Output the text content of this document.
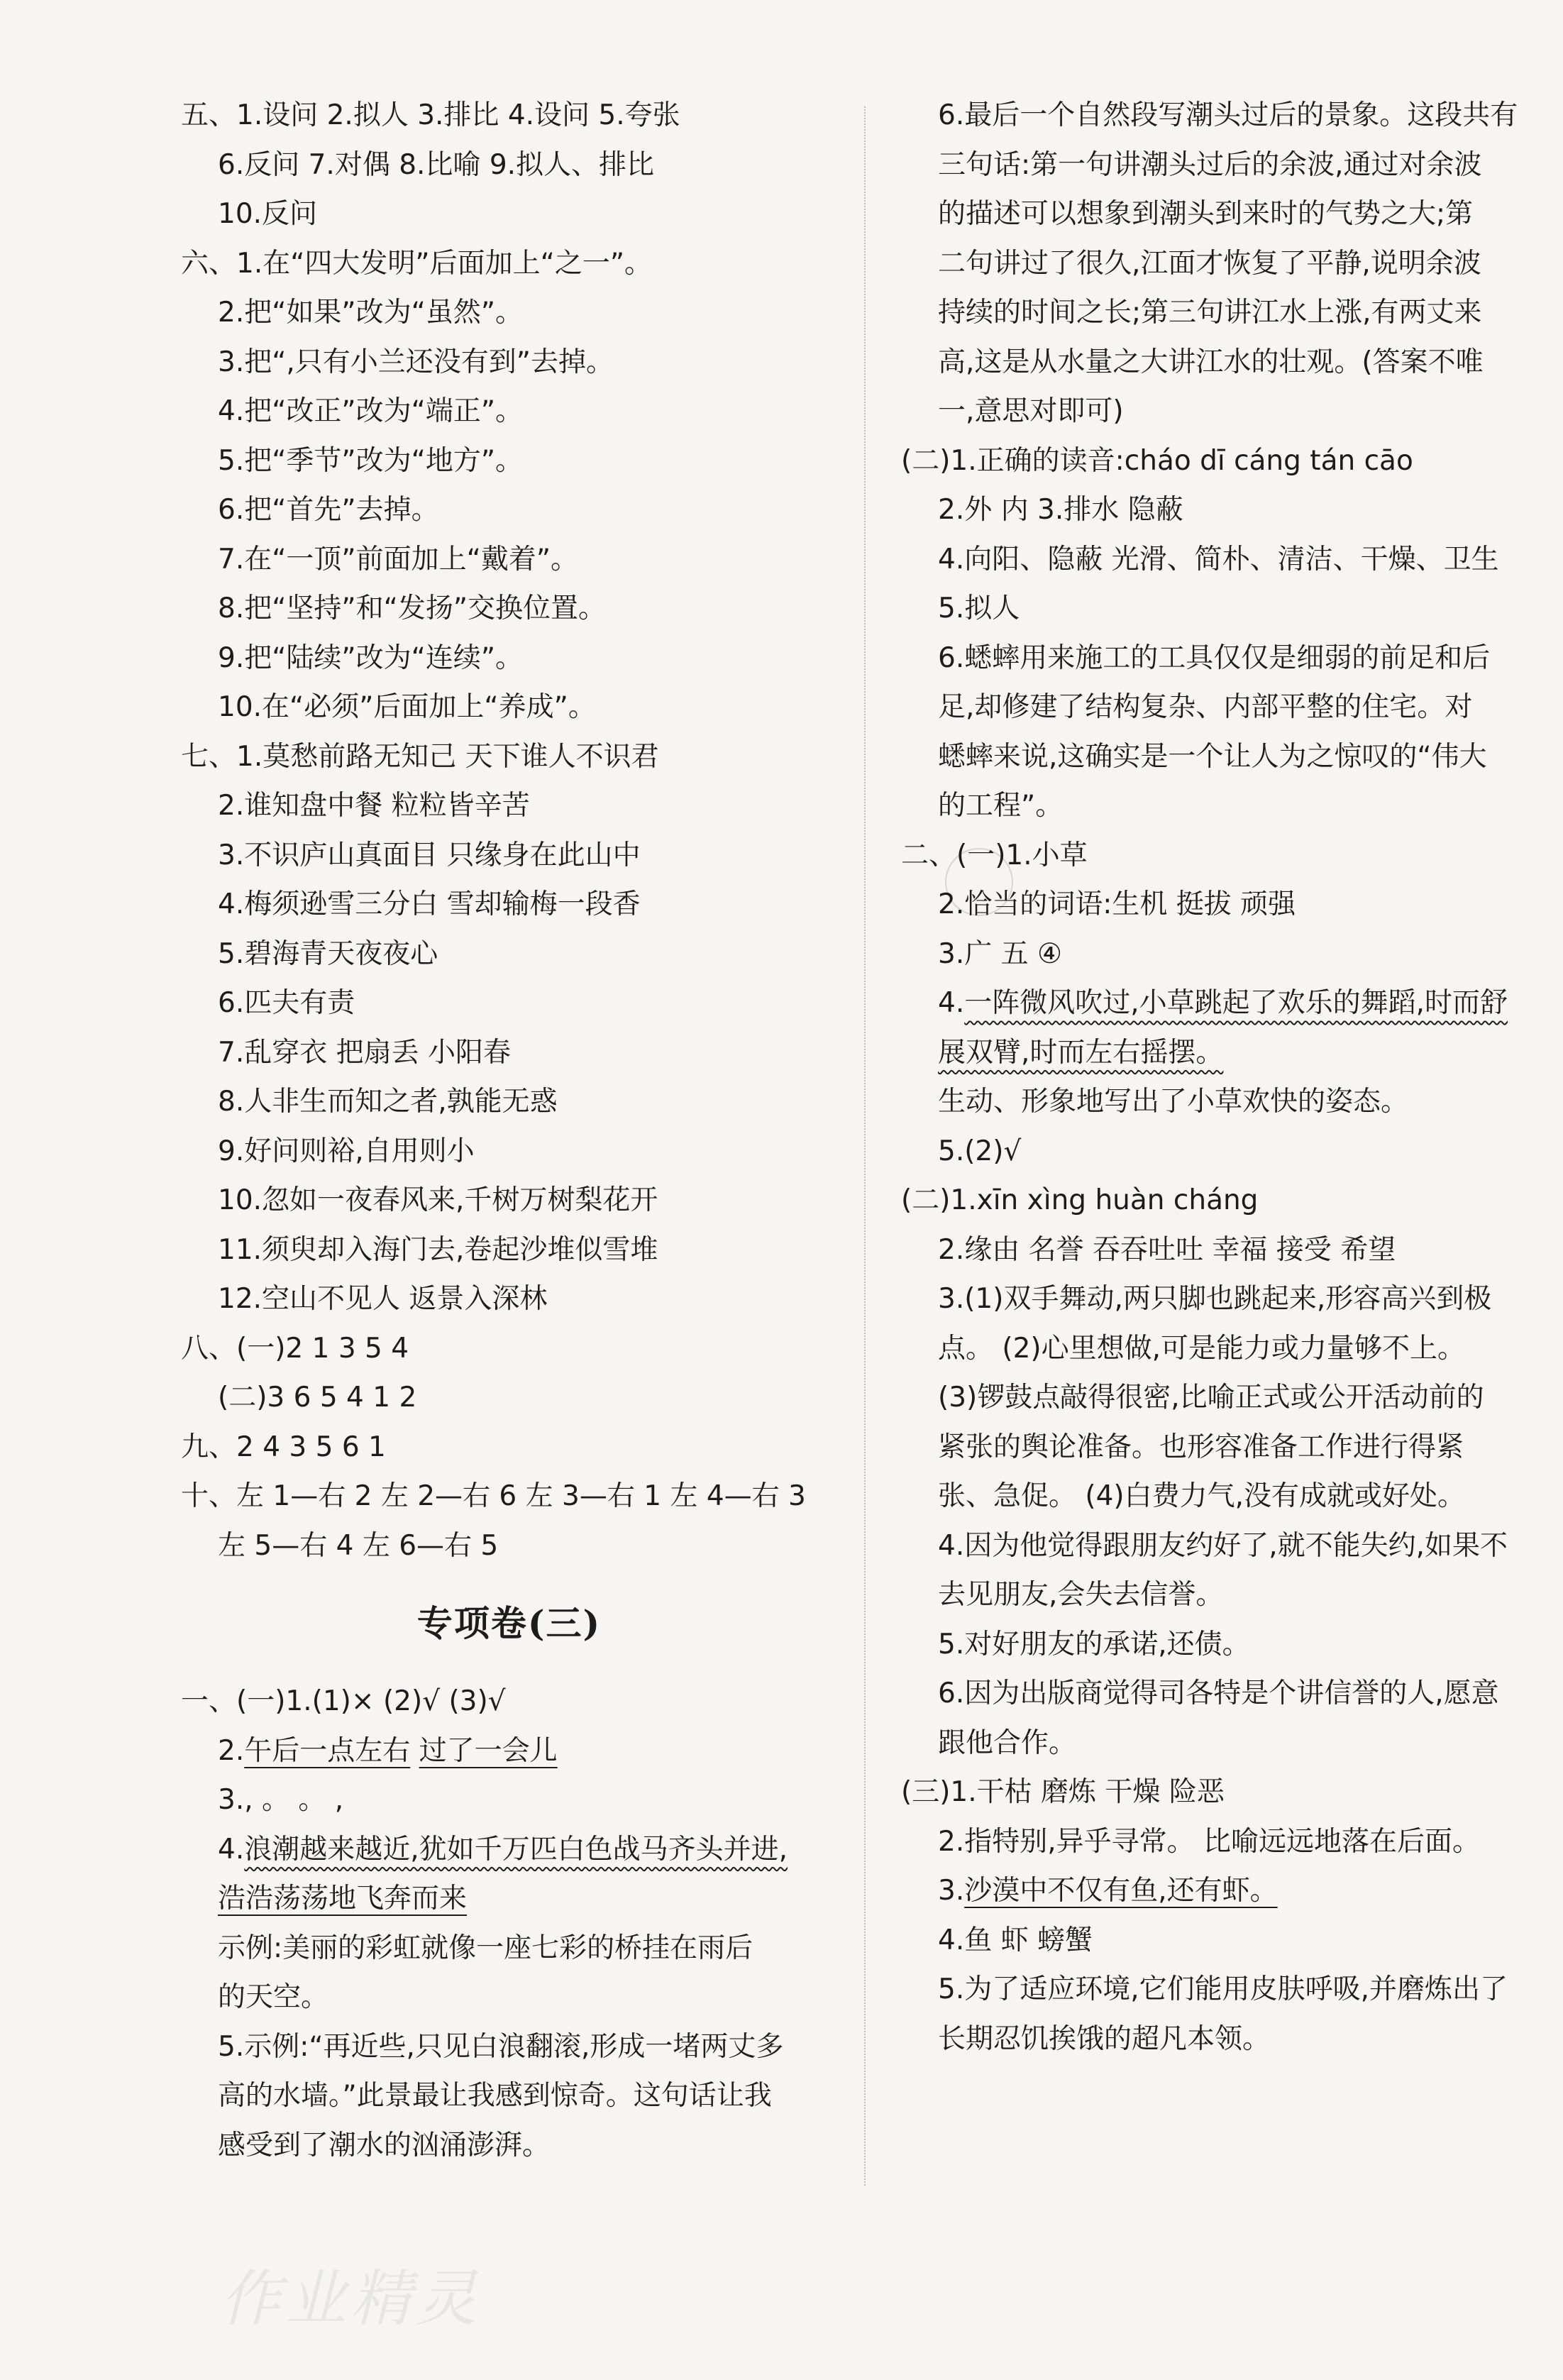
五、1.设问 2.拟人 3.排比 4.设问 5.夸张
6.反问 7.对偶 8.比喻 9.拟人、排比
10.反问
六、1.在“四大发明”后面加上“之一”。
2.把“如果”改为“虽然”。
3.把“,只有小兰还没有到”去掉。
4.把“改正”改为“端正”。
5.把“季节”改为“地方”。
6.把“首先”去掉。
7.在“一顶”前面加上“戴着”。
8.把“坚持”和“发扬”交换位置。
9.把“陆续”改为“连续”。
10.在“必须”后面加上“养成”。
七、1.莫愁前路无知己 天下谁人不识君
2.谁知盘中餐 粒粒皆辛苦
3.不识庐山真面目 只缘身在此山中
4.梅须逊雪三分白 雪却输梅一段香
5.碧海青天夜夜心
6.匹夫有责
7.乱穿衣 把扇丢 小阳春
8.人非生而知之者,孰能无惑
9.好问则裕,自用则小
10.忽如一夜春风来,千树万树梨花开
11.须臾却入海门去,卷起沙堆似雪堆
12.空山不见人 返景入深林
八、(一)2 1 3 5 4
(二)3 6 5 4 1 2
九、2 4 3 5 6 1
十、左 1—右 2 左 2—右 6 左 3—右 1 左 4—右 3
左 5—右 4 左 6—右 5
专项卷(三)
一、(一)1.(1)× (2)√ (3)√
2.午后一点左右 过了一会儿
3., 。 。 ,
4.浪潮越来越近,犹如千万匹白色战马齐头并进,
浩浩荡荡地飞奔而来
示例:美丽的彩虹就像一座七彩的桥挂在雨后
的天空。
5.示例:“再近些,只见白浪翻滚,形成一堵两丈多
高的水墙。”此景最让我感到惊奇。这句话让我
感受到了潮水的汹涌澎湃。
6.最后一个自然段写潮头过后的景象。这段共有
三句话:第一句讲潮头过后的余波,通过对余波
的描述可以想象到潮头到来时的气势之大;第
二句讲过了很久,江面才恢复了平静,说明余波
持续的时间之长;第三句讲江水上涨,有两丈来
高,这是从水量之大讲江水的壮观。(答案不唯
一,意思对即可)
(二)1.正确的读音:cháo dī cáng tán cāo
2.外 内 3.排水 隐蔽
4.向阳、隐蔽 光滑、简朴、清洁、干燥、卫生
5.拟人
6.蟋蟀用来施工的工具仅仅是细弱的前足和后
足,却修建了结构复杂、内部平整的住宅。对
蟋蟀来说,这确实是一个让人为之惊叹的“伟大
的工程”。
二、(一)1.小草
2.恰当的词语:生机 挺拔 顽强
3.广 五 ④
4.一阵微风吹过,小草跳起了欢乐的舞蹈,时而舒
展双臂,时而左右摇摆。
生动、形象地写出了小草欢快的姿态。
5.(2)√
(二)1.xīn xìng huàn cháng
2.缘由 名誉 吞吞吐吐 幸福 接受 希望
3.(1)双手舞动,两只脚也跳起来,形容高兴到极
点。 (2)心里想做,可是能力或力量够不上。
(3)锣鼓点敲得很密,比喻正式或公开活动前的
紧张的舆论准备。也形容准备工作进行得紧
张、急促。 (4)白费力气,没有成就或好处。
4.因为他觉得跟朋友约好了,就不能失约,如果不
去见朋友,会失去信誉。
5.对好朋友的承诺,还债。
6.因为出版商觉得司各特是个讲信誉的人,愿意
跟他合作。
(三)1.干枯 磨炼 干燥 险恶
2.指特别,异乎寻常。 比喻远远地落在后面。
3.沙漠中不仅有鱼,还有虾。
4.鱼 虾 螃蟹
5.为了适应环境,它们能用皮肤呼吸,并磨炼出了
长期忍饥挨饿的超凡本领。
作业精灵
